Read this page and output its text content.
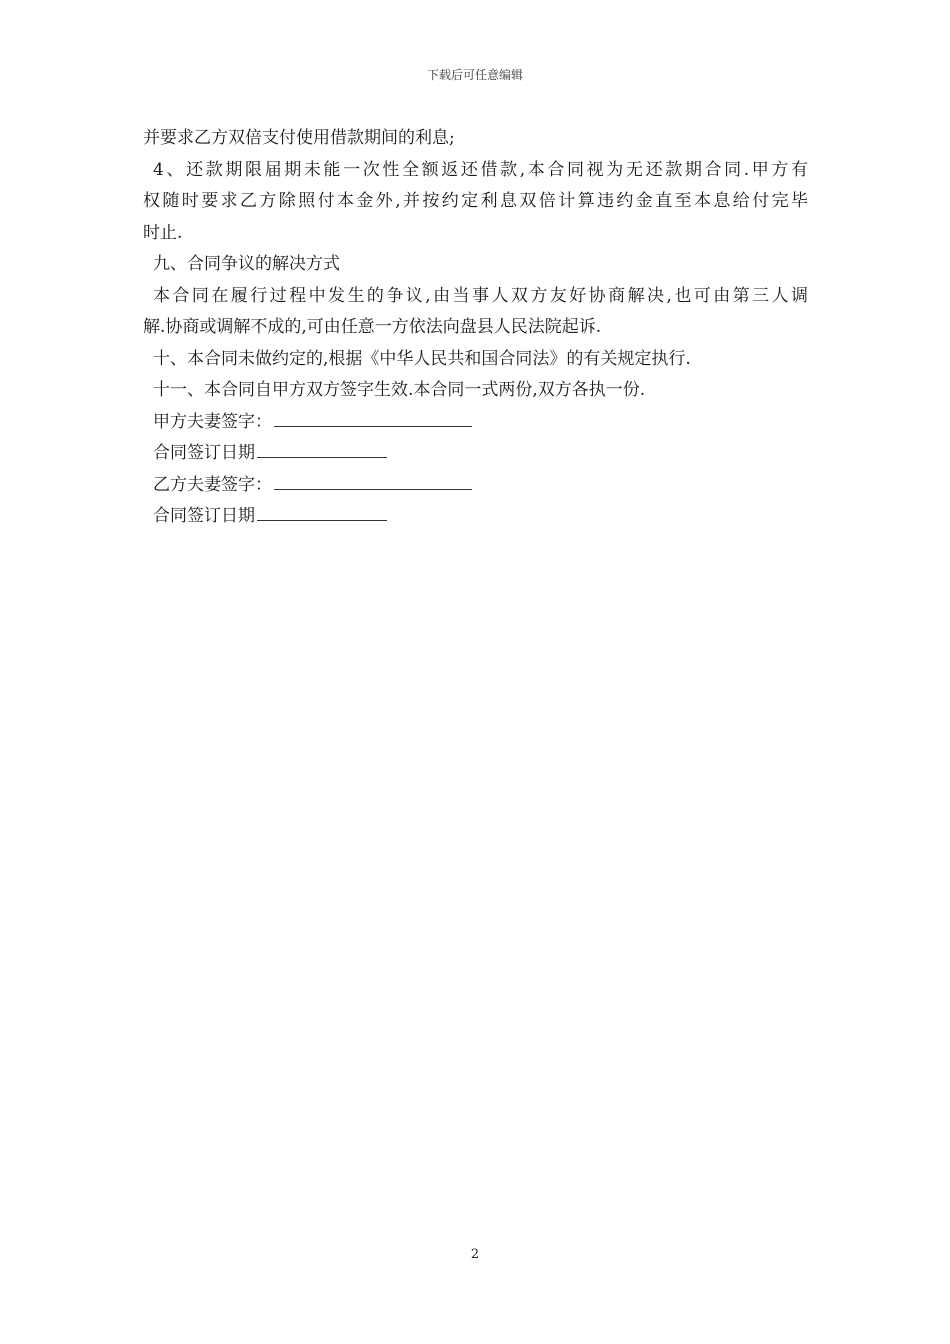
下载后可任意编辑
并要求乙方双倍支付使用借款期间的利息;
4、还款期限届期未能一次性全额返还借款,本合同视为无还款期合同.甲方有
权随时要求乙方除照付本金外,并按约定利息双倍计算违约金直至本息给付完毕
时止.
九、合同争议的解决方式
本合同在履行过程中发生的争议,由当事人双方友好协商解决,也可由第三人调
解.协商或调解不成的,可由任意一方依法向盘县人民法院起诉.
十、本合同未做约定的,根据《中华人民共和国合同法》的有关规定执行.
十一、本合同自甲方双方签字生效.本合同一式两份,双方各执一份.
甲方夫妻签字：
合同签订日期
乙方夫妻签字：
合同签订日期
2
